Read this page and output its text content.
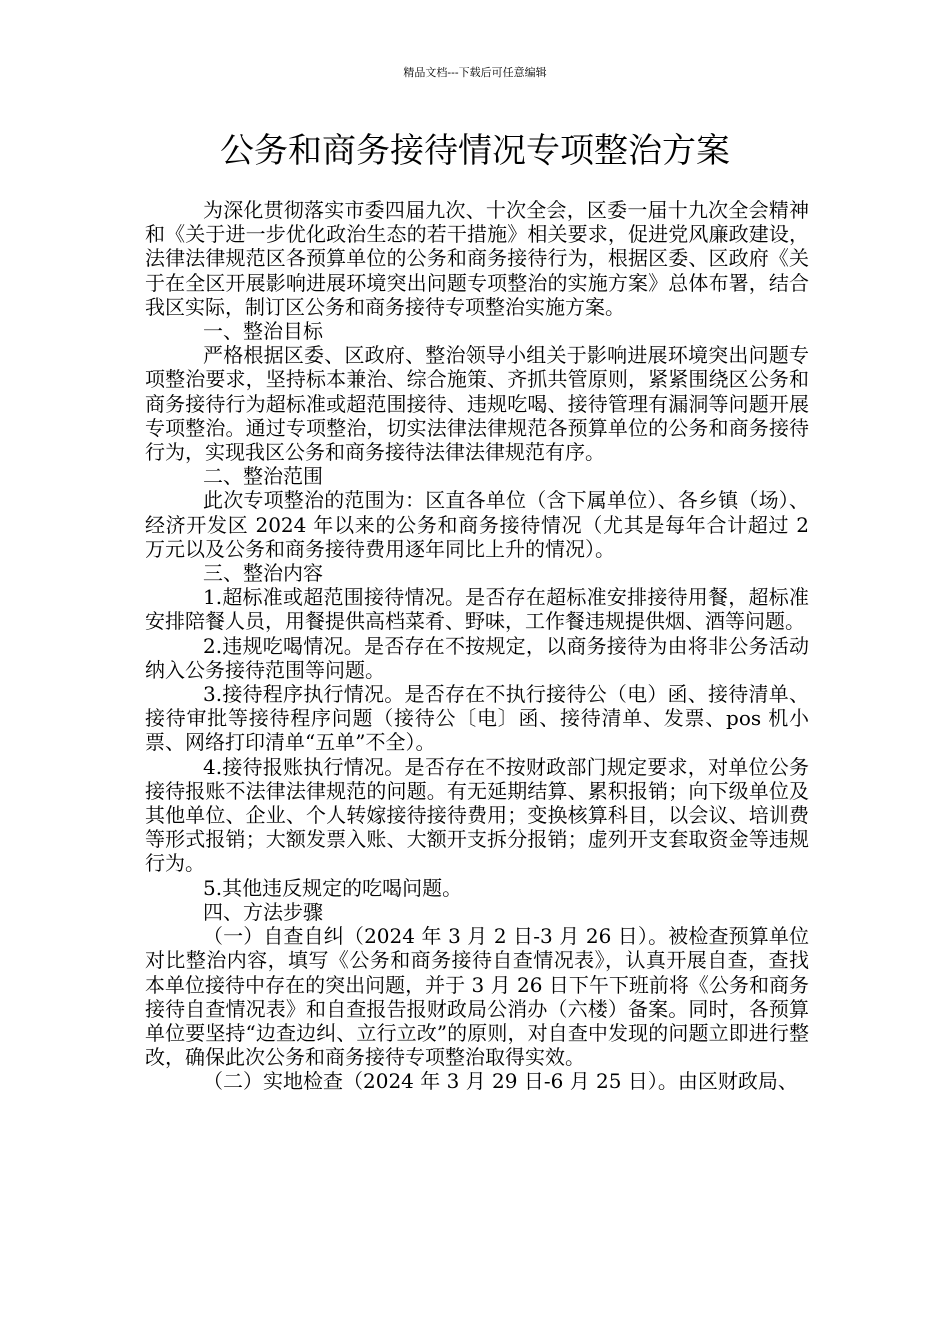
精品文档---下载后可任意编辑
公务和商务接待情况专项整治方案

为深化贯彻落实市委四届九次、十次全会，区委一届十九次全会精神和《关于进一步优化政治生态的若干措施》相关要求，促进党风廉政建设，法律法律规范区各预算单位的公务和商务接待行为，根据区委、区政府《关于在全区开展影响进展环境突出问题专项整治的实施方案》总体布署，结合我区实际，制订区公务和商务接待专项整治实施方案。

一、整治目标

严格根据区委、区政府、整治领导小组关于影响进展环境突出问题专项整治要求，坚持标本兼治、综合施策、齐抓共管原则，紧紧围绕区公务和商务接待行为超标准或超范围接待、违规吃喝、接待管理有漏洞等问题开展专项整治。通过专项整治，切实法律法律规范各预算单位的公务和商务接待行为，实现我区公务和商务接待法律法律规范有序。

二、整治范围

此次专项整治的范围为：区直各单位（含下属单位）、各乡镇（场）、经济开发区 2024 年以来的公务和商务接待情况（尤其是每年合计超过 2 万元以及公务和商务接待费用逐年同比上升的情况）。

三、整治内容

1.超标准或超范围接待情况。是否存在超标准安排接待用餐，超标准安排陪餐人员，用餐提供高档菜肴、野味，工作餐违规提供烟、酒等问题。

2.违规吃喝情况。是否存在不按规定，以商务接待为由将非公务活动纳入公务接待范围等问题。

3.接待程序执行情况。是否存在不执行接待公（电）函、接待清单、接待审批等接待程序问题（接待公〔电〕函、接待清单、发票、pos 机小票、网络打印清单“五单”不全）。

4.接待报账执行情况。是否存在不按财政部门规定要求，对单位公务接待报账不法律法律规范的问题。有无延期结算、累积报销；向下级单位及其他单位、企业、个人转嫁接待接待费用；变换核算科目，以会议、培训费等形式报销；大额发票入账、大额开支拆分报销；虚列开支套取资金等违规行为。

5.其他违反规定的吃喝问题。

四、方法步骤

（一）自查自纠（2024 年 3 月 2 日-3 月 26 日）。被检查预算单位对比整治内容，填写《公务和商务接待自查情况表》，认真开展自查，查找本单位接待中存在的突出问题，并于 3 月 26 日下午下班前将《公务和商务接待自查情况表》和自查报告报财政局公消办（六楼）备案。同时，各预算单位要坚持“边查边纠、立行立改”的原则，对自查中发现的问题立即进行整改，确保此次公务和商务接待专项整治取得实效。

（二）实地检查（2024 年 3 月 29 日-6 月 25 日）。由区财政局、
